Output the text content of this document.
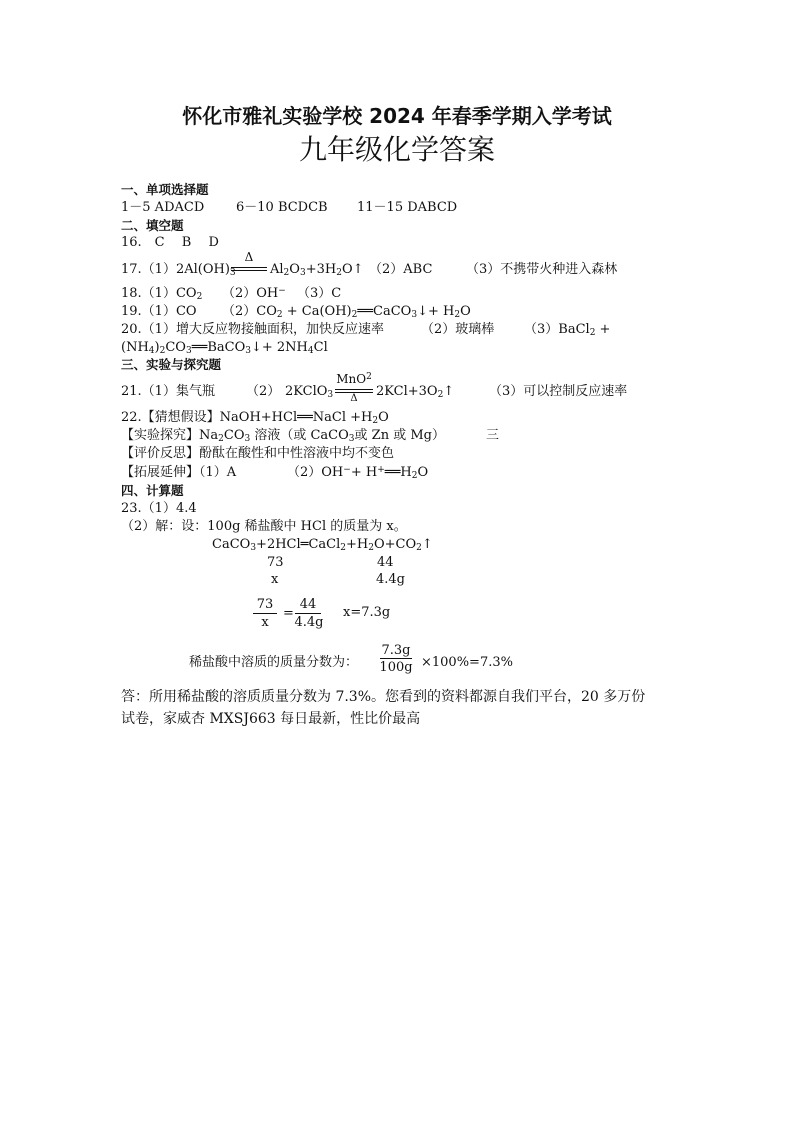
怀化市雅礼实验学校 2024 年春季学期入学考试
九年级化学答案
一、单项选择题
1－5 ADACD 6－10 BCDCB 11－15 DABCD
二、填空题
16.　C　 B　 D
$17.(1)2Al(OH)_3$
Δ
$Al_2O_3+3H_2O↑$ （2）ABC	（3）不携带火种进入森林
$18.(1)CO_2$ （2）OH− （3）C
19.（1）CO $(2)CO_2$ + $Ca(OH)_2══CaCO_3↓+ H_2O$
20.（1）增大反应物接触面积，加快反应速率	（2）玻璃棒 （3）BaCl$_2$ +
$(NH_4)_2CO_3══BaCO_3↓+ 2NH_4Cl$
三、实验与探究题
21.（1）集气瓶 （2） 2KClO$_3$
MnO$^2$
Δ	$2KCl+3O_2↑$	（3）可以控制反应速率
22.【猜想假设】NaOH+HCl══NaCl $+H_2O$
【实验探究】$Na_2CO_3$ 溶液（或 CaCO$_3$或 Zn 或 Mg）	三
【评价反思】酚酞在酸性和中性溶液中均不变色
【拓展延伸】（1）A	$(2)OH^-+ H^+══H_2O$
四、计算题
23.（1）4.4
（2）解：设：100g 稀盐酸中 HCl 的质量为 x。
$CaCO_3+2HCl═CaCl_2+H_2O+CO_2↑$
73	44
x	4.4g
73
x
=
44
4.4g
x=7.3g
稀盐酸中溶质的质量分数为：
7.3g
100g ×100%=7.3%
答：所用稀盐酸的溶质质量分数为 7.3%。您看到的资料都源自我们平台，20 多万份
试卷，家威杏 MXSJ663 每日最新，性比价最高
